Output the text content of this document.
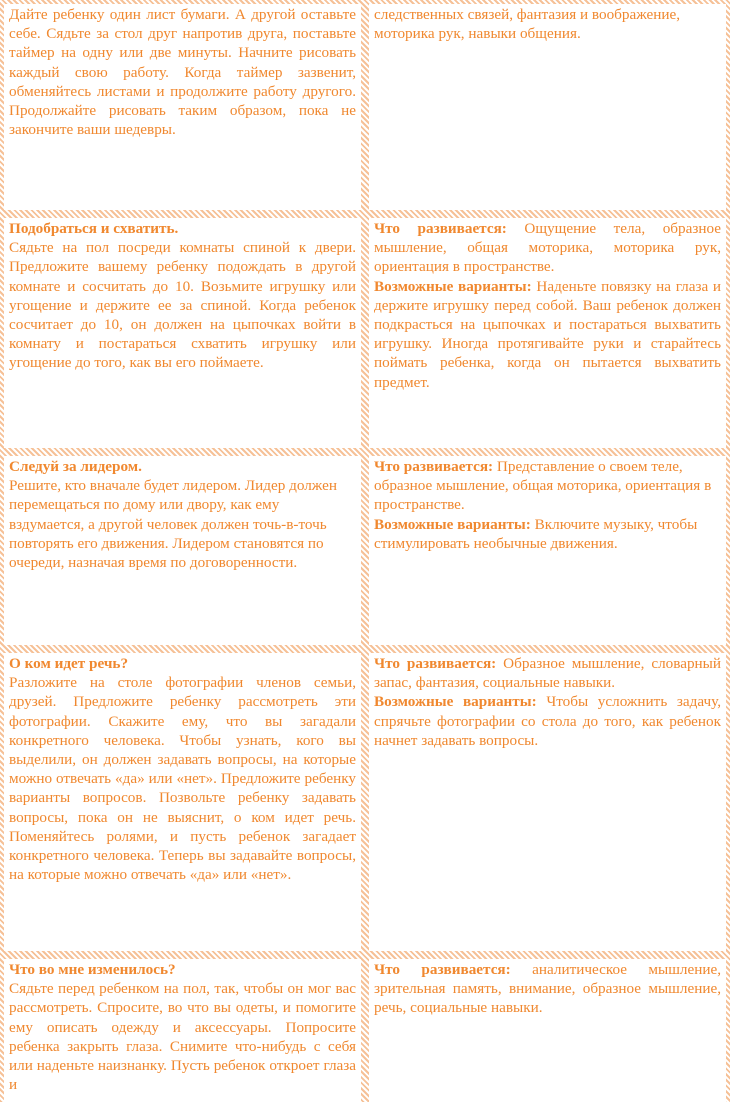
Дайте ребенку один лист бумаги. А другой оставьте себе. Сядьте за стол друг напротив друга, поставьте таймер на одну или две минуты. Начните рисовать каждый свою работу. Когда таймер зазвенит, обменяйтесь листами и продолжите работу другого. Продолжайте рисовать таким образом, пока не закончите ваши шедевры.

следственных связей, фантазия и воображение, моторика рук, навыки общения.

Подобраться и схватить.

Сядьте на пол посреди комнаты спиной к двери. Предложите вашему ребенку подождать в другой комнате и сосчитать до 10. Возьмите игрушку или угощение и держите ее за спиной. Когда ребенок сосчитает до 10, он должен на цыпочках войти в комнату и постараться схватить игрушку или угощение до того, как вы его поймаете.

Что развивается: Ощущение тела, образное мышление, общая моторика, моторика рук, ориентация в пространстве.

Возможные варианты: Наденьте повязку на глаза и держите игрушку перед собой. Ваш ребенок должен подкрасться на цыпочках и постараться выхватить игрушку. Иногда протягивайте руки и старайтесь поймать ребенка, когда он пытается выхватить предмет.

Следуй за лидером.

Решите, кто вначале будет лидером. Лидер должен перемещаться по дому или двору, как ему вздумается, а другой человек должен точь-в-точь повторять его движения. Лидером становятся по очереди, назначая время по договоренности.

Что развивается: Представление о своем теле, образное мышление, общая моторика, ориентация в пространстве.

Возможные варианты: Включите музыку, чтобы стимулировать необычные движения.

О ком идет речь?

Разложите на столе фотографии членов семьи, друзей. Предложите ребенку рассмотреть эти фотографии. Скажите ему, что вы загадали конкретного человека. Чтобы узнать, кого вы выделили, он должен задавать вопросы, на которые можно отвечать «да» или «нет». Предложите ребенку варианты вопросов. Позвольте ребенку задавать вопросы, пока он не выяснит, о ком идет речь. Поменяйтесь ролями, и пусть ребенок загадает конкретного человека. Теперь вы задавайте вопросы, на которые можно отвечать «да» или «нет».

Что развивается: Образное мышление, словарный запас, фантазия, социальные навыки.

Возможные варианты: Чтобы усложнить задачу, спрячьте фотографии со стола до того, как ребенок начнет задавать вопросы.

Что во мне изменилось?

Сядьте перед ребенком на пол, так, чтобы он мог вас рассмотреть. Спросите, во что вы одеты, и помогите ему описать одежду и аксессуары. Попросите ребенка закрыть глаза. Снимите что-нибудь с себя или наденьте наизнанку. Пусть ребенок откроет глаза и

Что развивается: аналитическое мышление, зрительная память, внимание, образное мышление, речь, социальные навыки.
